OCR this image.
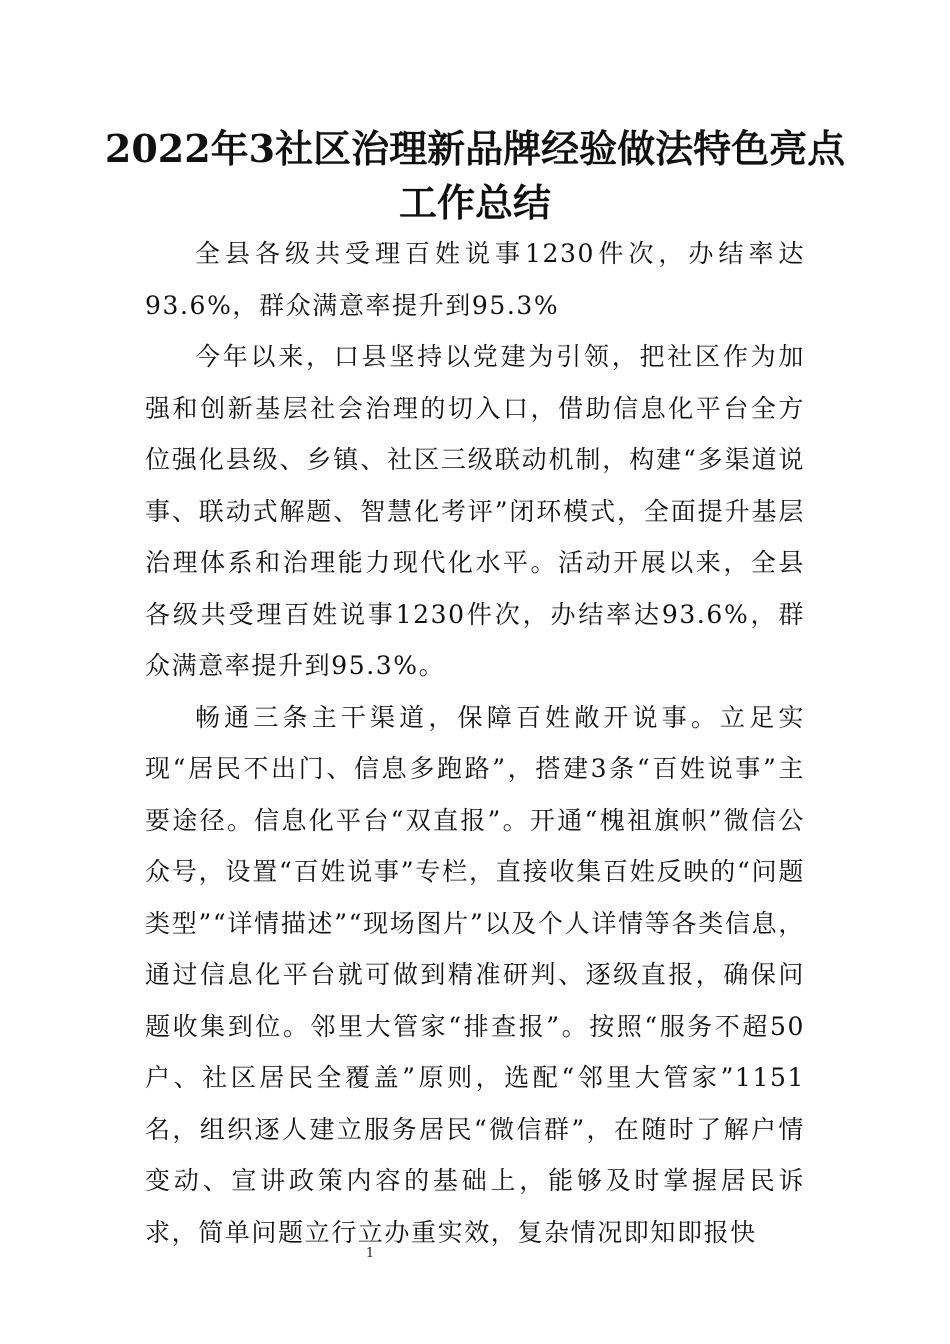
2022年3社区治理新品牌经验做法特色亮点工作总结

全县各级共受理百姓说事1230件次，办结率达93.6%，群众满意率提升到95.3%

今年以来，口县坚持以党建为引领，把社区作为加强和创新基层社会治理的切入口，借助信息化平台全方位强化县级、乡镇、社区三级联动机制，构建“多渠道说事、联动式解题、智慧化考评”闭环模式，全面提升基层治理体系和治理能力现代化水平。活动开展以来，全县各级共受理百姓说事1230件次，办结率达93.6%，群众满意率提升到95.3%。

畅通三条主干渠道，保障百姓敞开说事。立足实现“居民不出门、信息多跑路”，搭建3条“百姓说事”主要途径。信息化平台“双直报”。开通“槐祖旗帜”微信公众号，设置“百姓说事”专栏，直接收集百姓反映的“问题类型”“详情描述”“现场图片”以及个人详情等各类信息，通过信息化平台就可做到精准研判、逐级直报，确保问题收集到位。邻里大管家“排查报”。按照“服务不超50户、社区居民全覆盖”原则，选配“邻里大管家”1151名，组织逐人建立服务居民“微信群”，在随时了解户情变动、宣讲政策内容的基础上，能够及时掌握居民诉求，简单问题立行立办重实效，复杂情况即知即报快

1
